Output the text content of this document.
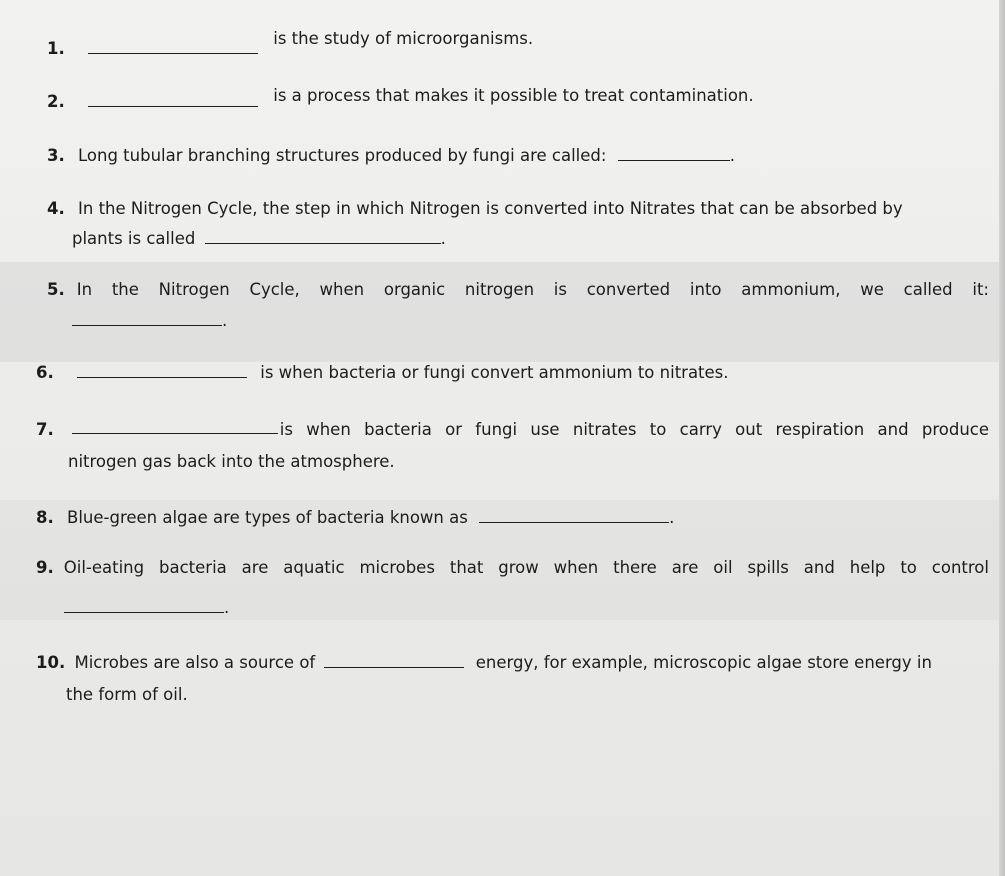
1.  is the study of microorganisms.
2.	is a process that makes it possible to treat contamination.
3. Long tubular branching structures produced by fungi are called:	.
4. In the Nitrogen Cycle, the step in which Nitrogen is converted into Nitrates that can be absorbed by
plants is called	.
5. In the Nitrogen Cycle, when organic nitrogen is converted into ammonium, we called it:
.
6.	is when bacteria or fungi convert ammonium to nitrates.
7.	is when bacteria or fungi use nitrates to carry out respiration and produce
nitrogen gas back into the atmosphere.
8. Blue-green algae are types of bacteria known as	.
9. Oil-eating bacteria are aquatic microbes that grow when there are oil spills and help to control
.
10. Microbes are also a source of	energy, for example, microscopic algae store energy in
the form of oil.
